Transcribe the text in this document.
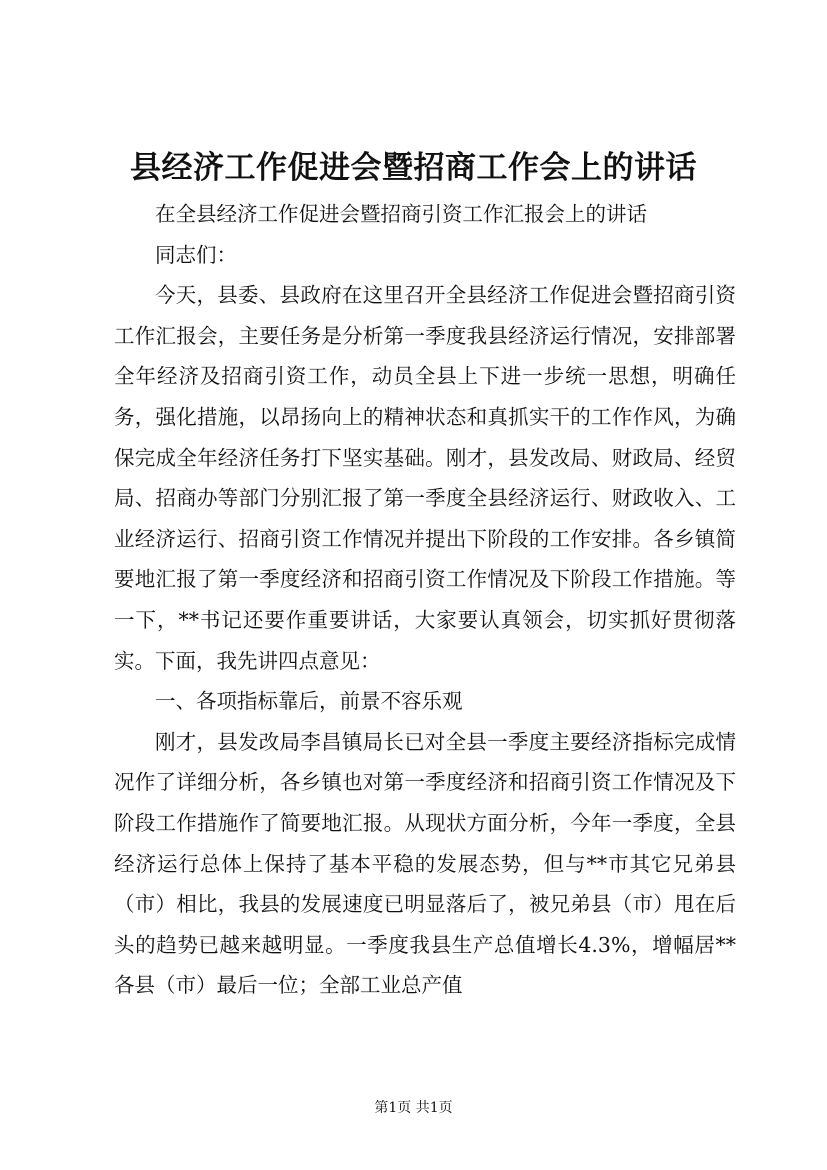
县经济工作促进会暨招商工作会上的讲话

在全县经济工作促进会暨招商引资工作汇报会上的讲话

同志们：

今天，县委、县政府在这里召开全县经济工作促进会暨招商引资工作汇报会，主要任务是分析第一季度我县经济运行情况，安排部署全年经济及招商引资工作，动员全县上下进一步统一思想，明确任务，强化措施，以昂扬向上的精神状态和真抓实干的工作作风，为确保完成全年经济任务打下坚实基础。刚才，县发改局、财政局、经贸局、招商办等部门分别汇报了第一季度全县经济运行、财政收入、工业经济运行、招商引资工作情况并提出下阶段的工作安排。各乡镇简要地汇报了第一季度经济和招商引资工作情况及下阶段工作措施。等一下，**书记还要作重要讲话，大家要认真领会，切实抓好贯彻落实。下面，我先讲四点意见：

一、各项指标靠后，前景不容乐观

刚才，县发改局李昌镇局长已对全县一季度主要经济指标完成情况作了详细分析，各乡镇也对第一季度经济和招商引资工作情况及下阶段工作措施作了简要地汇报。从现状方面分析，今年一季度，全县经济运行总体上保持了基本平稳的发展态势，但与**市其它兄弟县（市）相比，我县的发展速度已明显落后了，被兄弟县（市）甩在后头的趋势已越来越明显。一季度我县生产总值增长4.3%，增幅居**各县（市）最后一位；全部工业总产值

第1页 共1页
